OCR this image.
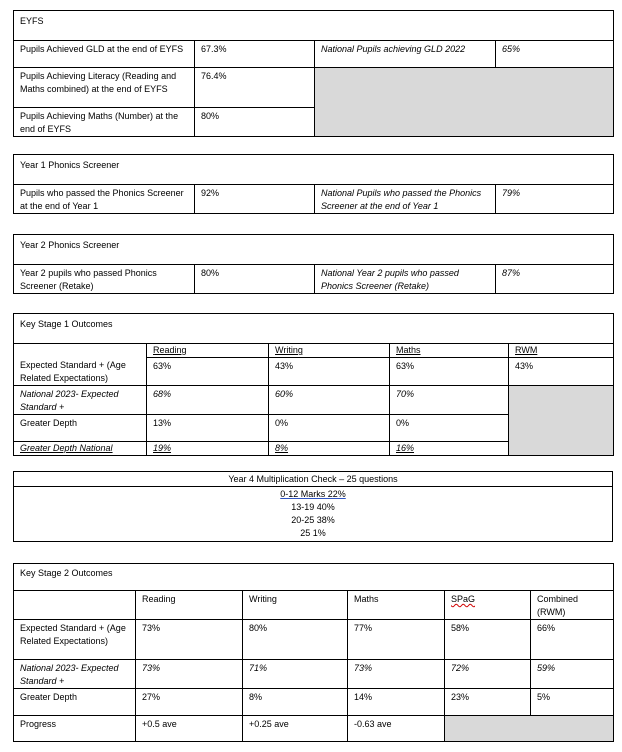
EYFS			
Pupils Achieved GLD at the end of EYFS	67.3%	National Pupils achieving GLD 2022	65%
Pupils Achieving Literacy (Reading and Maths combined) at the end of EYFS	76.4%		
Pupils Achieving Maths (Number) at the end of EYFS	80%		
Year 1 Phonics Screener
Pupils who passed the Phonics Screener at the end of Year 1	92%	National Pupils who passed the Phonics Screener at the end of Year 1	79%
Year 2 Phonics Screener
Year 2 pupils who passed Phonics Screener (Retake)	80%	National Year 2 pupils who passed Phonics Screener (Retake)	87%
Key Stage 1 Outcomes				
	Reading	Writing	Maths	RWM
Expected Standard + (Age Related Expectations)	63%	43%	63%	43%
National 2023- Expected Standard +	68%	60%	70%	
Greater Depth	13%	0%	0%	
Greater Depth National	19%	8%	16%	
Year 4 Multiplication Check – 25 questions

0-12 Marks 22%
13-19 40%
20-25 38%
25 1%
Key Stage 2 Outcomes					
	Reading	Writing	Maths	SPaG	Combined (RWM)
Expected Standard + (Age Related Expectations)	73%	80%	77%	58%	66%
National 2023- Expected Standard +	73%	71%	73%	72%	59%
Greater Depth	27%	8%	14%	23%	5%
Progress	+0.5 ave	+0.25 ave	-0.63 ave		
